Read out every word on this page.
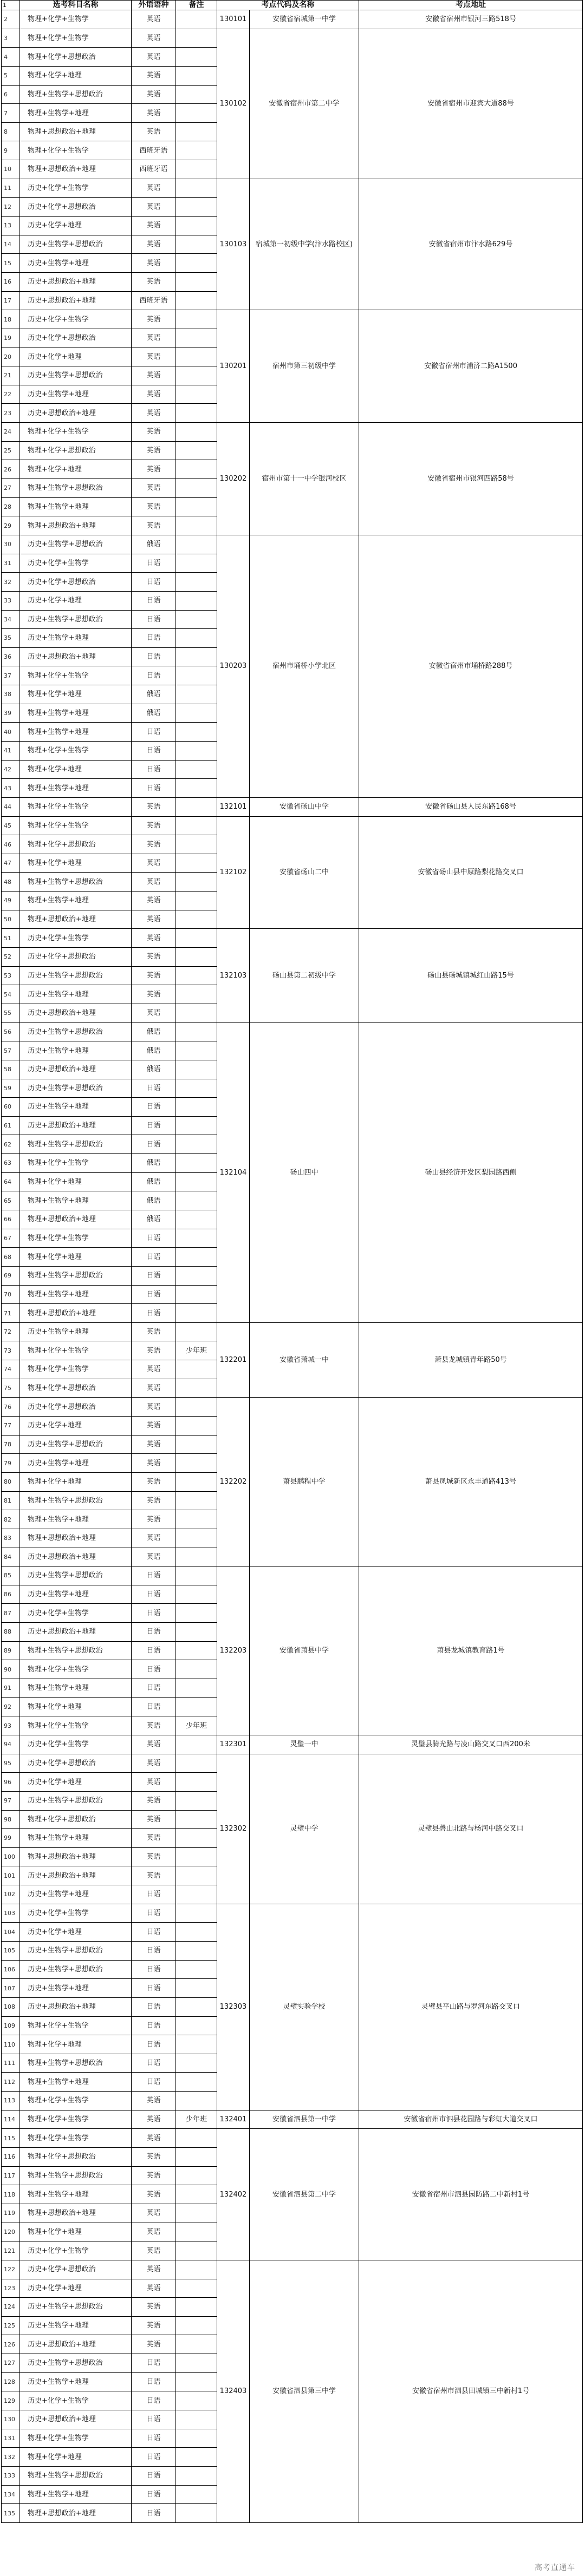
1	选考科目名称	外语语种	备注	考点代码及名称		考点地址
2	物理+化学+生物学	英语		130101	安徽省宿城第一中学	安徽省宿州市银河三路518号
3	物理+化学+生物学	英语		130102	安徽省宿州市第二中学	安徽省宿州市迎宾大道88号
4	物理+化学+思想政治	英语				
5	物理+化学+地理	英语				
6	物理+生物学+思想政治	英语				
7	物理+生物学+地理	英语				
8	物理+思想政治+地理	英语				
9	物理+化学+生物学	西班牙语				
10	物理+思想政治+地理	西班牙语				
11	历史+化学+生物学	英语		130103	宿城第一初级中学(汴水路校区)	安徽省宿州市汴水路629号
12	历史+化学+思想政治	英语				
13	历史+化学+地理	英语				
14	历史+生物学+思想政治	英语				
15	历史+生物学+地理	英语				
16	历史+思想政治+地理	英语				
17	历史+思想政治+地理	西班牙语				
18	历史+化学+生物学	英语		130201	宿州市第三初级中学	安徽省宿州市浦济二路A1500
19	历史+化学+思想政治	英语				
20	历史+化学+地理	英语				
21	历史+生物学+思想政治	英语				
22	历史+生物学+地理	英语				
23	历史+思想政治+地理	英语				
24	物理+化学+生物学	英语		130202	宿州市第十一中学银河校区	安徽省宿州市银河四路58号
25	物理+化学+思想政治	英语				
26	物理+化学+地理	英语				
27	物理+生物学+思想政治	英语				
28	物理+生物学+地理	英语				
29	物理+思想政治+地理	英语				
30	历史+生物学+思想政治	俄语		130203	宿州市埇桥小学北区	安徽省宿州市埇桥路288号
31	历史+化学+生物学	日语				
32	历史+化学+思想政治	日语				
33	历史+化学+地理	日语				
34	历史+生物学+思想政治	日语				
35	历史+生物学+地理	日语				
36	历史+思想政治+地理	日语				
37	物理+化学+生物学	日语				
38	物理+化学+地理	俄语				
39	物理+生物学+地理	俄语				
40	物理+生物学+地理	日语				
41	物理+化学+生物学	日语				
42	物理+化学+地理	日语				
43	物理+生物学+地理	日语				
44	物理+化学+生物学	英语		132101	安徽省砀山中学	安徽省砀山县人民东路168号
45	物理+化学+生物学	英语		132102	安徽省砀山二中	安徽省砀山县中原路梨花路交叉口
46	物理+化学+思想政治	英语				
47	物理+化学+地理	英语				
48	物理+生物学+思想政治	英语				
49	物理+生物学+地理	英语				
50	物理+思想政治+地理	英语				
51	历史+化学+生物学	英语		132103	砀山县第二初级中学	砀山县砀城镇城红山路15号
52	历史+化学+思想政治	英语				
53	历史+生物学+思想政治	英语				
54	历史+生物学+地理	英语				
55	历史+思想政治+地理	英语				
56	历史+生物学+思想政治	俄语		132104	砀山四中	砀山县经济开发区梨园路西侧
57	历史+生物学+地理	俄语				
58	历史+思想政治+地理	俄语				
59	历史+生物学+思想政治	日语				
60	历史+生物学+地理	日语				
61	历史+思想政治+地理	日语				
62	物理+生物学+思想政治	日语				
63	物理+化学+生物学	俄语				
64	物理+化学+地理	俄语				
65	物理+生物学+地理	俄语				
66	物理+思想政治+地理	俄语				
67	物理+化学+生物学	日语				
68	物理+化学+地理	日语				
69	物理+生物学+思想政治	日语				
70	物理+生物学+地理	日语				
71	物理+思想政治+地理	日语				
72	历史+生物学+地理	英语		132201	安徽省萧城一中	萧县龙城镇青年路50号
73	物理+化学+生物学	英语	少年班			
74	物理+化学+生物学	英语				
75	物理+化学+思想政治	英语				
76	历史+化学+思想政治	英语		132202	萧县鹏程中学	萧县凤城新区永丰道路413号
77	历史+化学+地理	英语				
78	历史+生物学+思想政治	英语				
79	历史+生物学+地理	英语				
80	物理+化学+地理	英语				
81	物理+生物学+思想政治	英语				
82	物理+生物学+地理	英语				
83	物理+思想政治+地理	英语				
84	历史+思想政治+地理	英语				
85	历史+生物学+思想政治	日语		132203	安徽省萧县中学	萧县龙城镇教育路1号
86	历史+生物学+地理	日语				
87	历史+化学+生物学	日语				
88	历史+思想政治+地理	日语				
89	物理+生物学+思想政治	日语				
90	物理+化学+生物学	日语				
91	物理+生物学+地理	日语				
92	物理+化学+地理	日语				
93	物理+化学+生物学	英语	少年班			
94	历史+化学+生物学	英语		132301	灵璧一中	灵璧县骑光路与凌山路交叉口西200米
95	历史+化学+思想政治	英语		132302	灵璧中学	灵璧县磬山北路与杨河中路交叉口
96	历史+化学+地理	英语				
97	历史+生物学+思想政治	英语				
98	物理+化学+思想政治	英语				
99	物理+生物学+地理	英语				
100	物理+思想政治+地理	英语				
101	历史+思想政治+地理	英语				
102	历史+生物学+地理	日语				
103	历史+化学+生物学	日语		132303	灵璧实验学校	灵璧县平山路与罗河东路交叉口
104	历史+化学+地理	日语				
105	历史+生物学+思想政治	日语				
106	历史+生物学+思想政治	日语				
107	历史+生物学+地理	日语				
108	历史+思想政治+地理	日语				
109	物理+化学+生物学	日语				
110	物理+化学+地理	日语				
111	物理+生物学+思想政治	日语				
112	物理+生物学+地理	日语				
113	物理+化学+生物学	英语				
114	物理+化学+生物学	英语	少年班	132401	安徽省泗县第一中学	安徽省宿州市泗县花园路与彩虹大道交叉口
115	物理+化学+生物学	英语		132402	安徽省泗县第二中学	安徽省宿州市泗县园防路二中新村1号
116	物理+化学+思想政治	英语				
117	物理+生物学+思想政治	英语				
118	物理+生物学+地理	英语				
119	物理+思想政治+地理	英语				
120	物理+化学+地理	英语				
121	历史+化学+生物学	英语				
122	历史+化学+思想政治	英语		132403	安徽省泗县第三中学	安徽省宿州市泗县田城镇三中新村1号
123	历史+化学+地理	英语				
124	历史+生物学+思想政治	英语				
125	历史+生物学+地理	英语				
126	历史+思想政治+地理	英语				
127	历史+生物学+思想政治	日语				
128	历史+生物学+地理	日语				
129	历史+化学+生物学	日语				
130	历史+思想政治+地理	日语				
131	物理+化学+生物学	日语				
132	物理+化学+地理	日语				
133	物理+生物学+思想政治	日语				
134	物理+生物学+地理	日语				
135	物理+思想政治+地理	日语				
高考直通车
